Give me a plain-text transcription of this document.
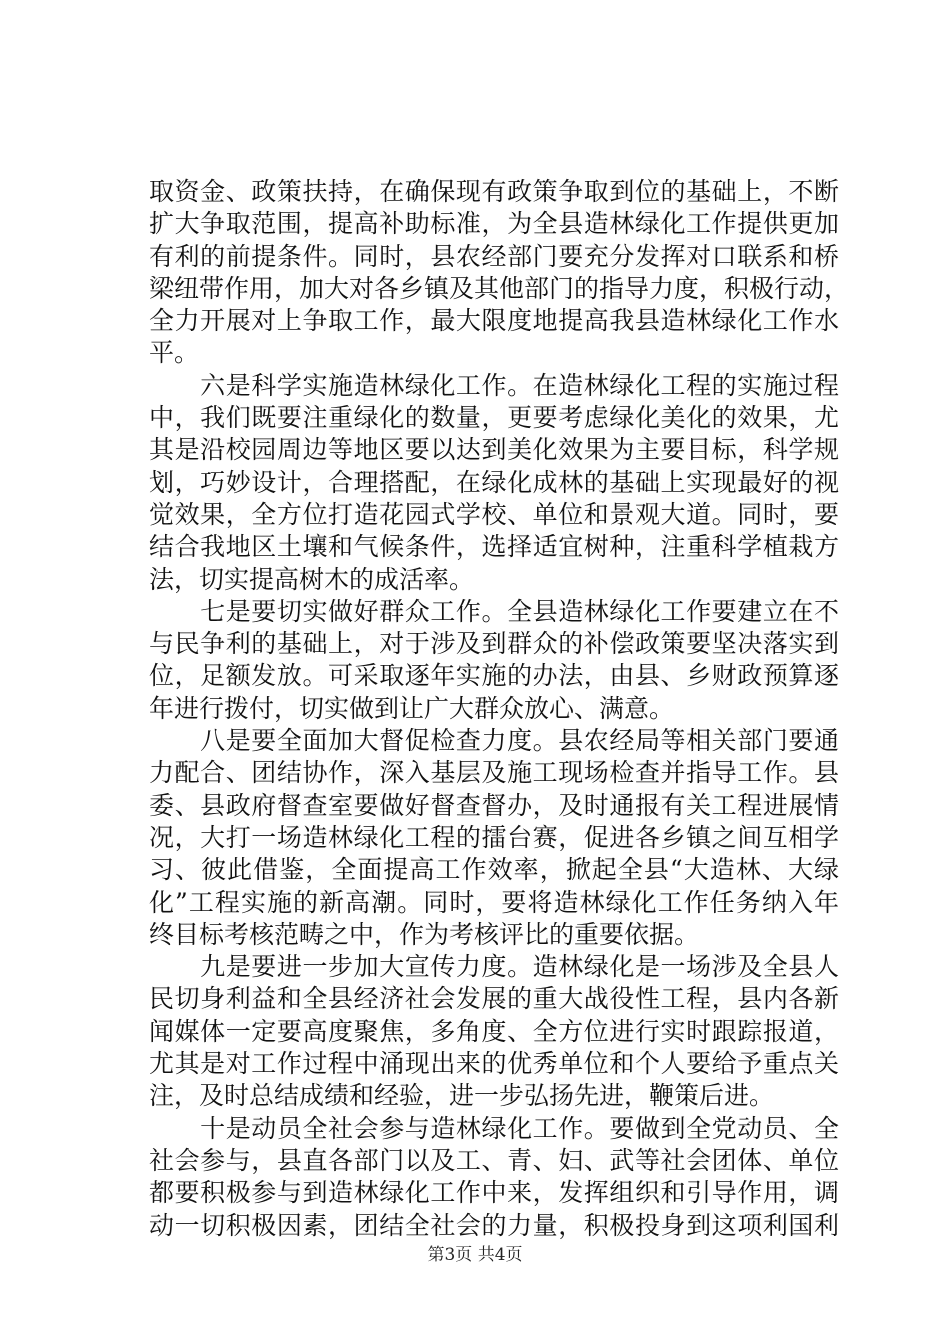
取资金、政策扶持，在确保现有政策争取到位的基础上，不断
扩大争取范围，提高补助标准，为全县造林绿化工作提供更加
有利的前提条件。同时，县农经部门要充分发挥对口联系和桥
梁纽带作用，加大对各乡镇及其他部门的指导力度，积极行动，
全力开展对上争取工作，最大限度地提高我县造林绿化工作水
平。
　　六是科学实施造林绿化工作。在造林绿化工程的实施过程
中，我们既要注重绿化的数量，更要考虑绿化美化的效果，尤
其是沿校园周边等地区要以达到美化效果为主要目标，科学规
划，巧妙设计，合理搭配，在绿化成林的基础上实现最好的视
觉效果，全方位打造花园式学校、单位和景观大道。同时，要
结合我地区土壤和气候条件，选择适宜树种，注重科学植栽方
法，切实提高树木的成活率。
　　七是要切实做好群众工作。全县造林绿化工作要建立在不
与民争利的基础上，对于涉及到群众的补偿政策要坚决落实到
位，足额发放。可采取逐年实施的办法，由县、乡财政预算逐
年进行拨付，切实做到让广大群众放心、满意。
　　八是要全面加大督促检查力度。县农经局等相关部门要通
力配合、团结协作，深入基层及施工现场检查并指导工作。县
委、县政府督查室要做好督查督办，及时通报有关工程进展情
况，大打一场造林绿化工程的擂台赛，促进各乡镇之间互相学
习、彼此借鉴，全面提高工作效率，掀起全县“大造林、大绿
化”工程实施的新高潮。同时，要将造林绿化工作任务纳入年
终目标考核范畴之中，作为考核评比的重要依据。
　　九是要进一步加大宣传力度。造林绿化是一场涉及全县人
民切身利益和全县经济社会发展的重大战役性工程，县内各新
闻媒体一定要高度聚焦，多角度、全方位进行实时跟踪报道，
尤其是对工作过程中涌现出来的优秀单位和个人要给予重点关
注，及时总结成绩和经验，进一步弘扬先进，鞭策后进。
　　十是动员全社会参与造林绿化工作。要做到全党动员、全
社会参与，县直各部门以及工、青、妇、武等社会团体、单位
都要积极参与到造林绿化工作中来，发挥组织和引导作用，调
动一切积极因素，团结全社会的力量，积极投身到这项利国利
第3页 共4页
